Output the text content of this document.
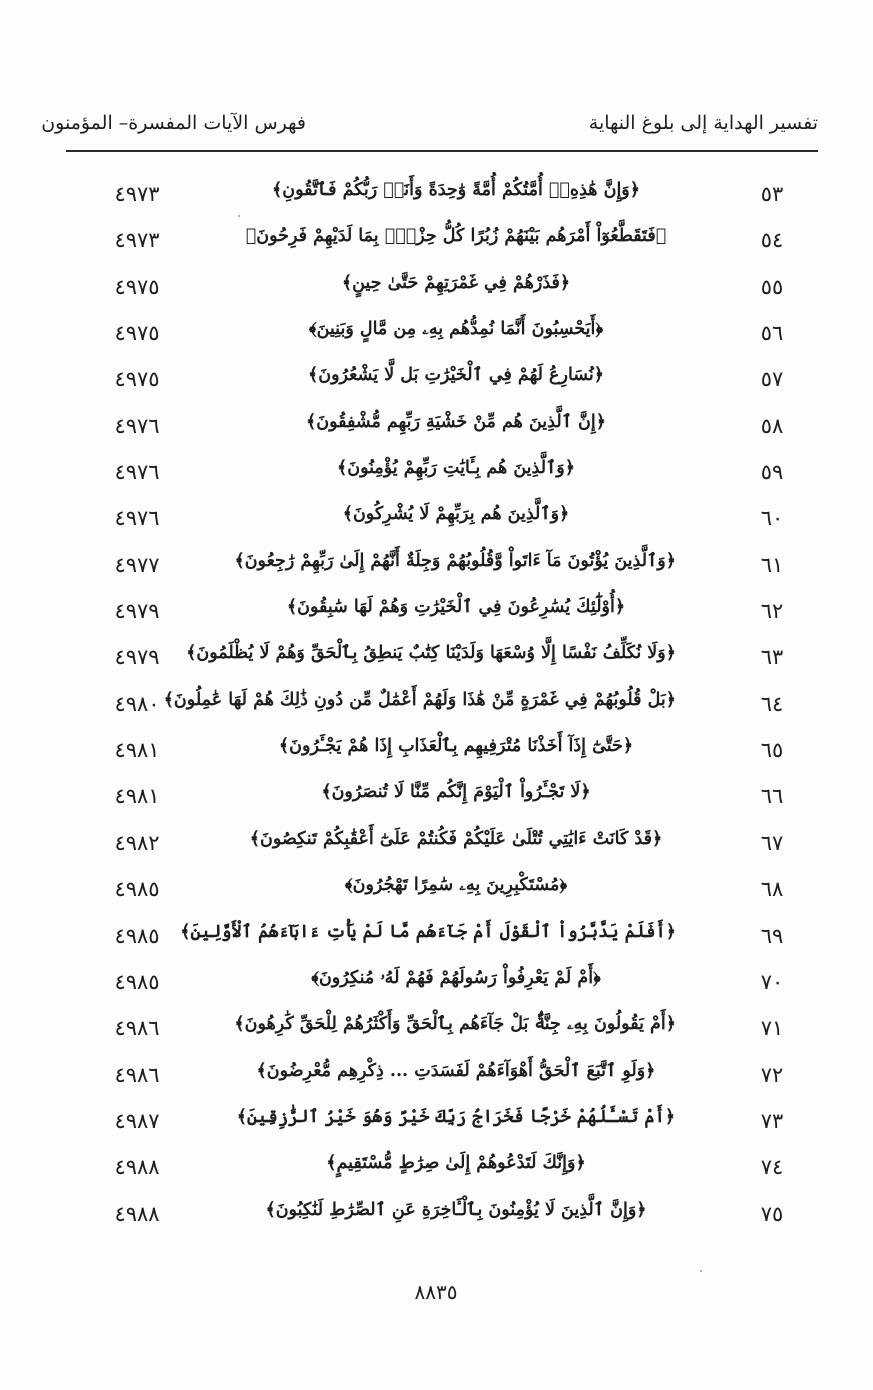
تفسير الهداية إلى بلوغ النهاية
فهرس الآيات المفسرة– المؤمنون
٥٣
﴿وَإِنَّ هَٰذِهِۦٓ أُمَّتُكُمْ أُمَّةً وَٰحِدَةً وَأَنَا۠ رَبُّكُمْ فَٱتَّقُونِ﴾
٤٩٧٣
٥٤
﴿فَتَقَطَّعُوٓاْ أَمْرَهُم بَيْنَهُمْ زُبُرًا كُلُّ حِزْبِۭ بِمَا لَدَيْهِمْ فَرِحُونَ﴾
٤٩٧٣
٥٥
﴿فَذَرْهُمْ فِي غَمْرَتِهِمْ حَتَّىٰ حِينٍ﴾
٤٩٧٥
٥٦
﴿أَيَحْسِبُونَ أَنَّمَا نُمِدُّهُم بِهِۦ مِن مَّالٍ وَبَنِينَ﴾
٤٩٧٥
٥٧
﴿نُسَارِعُ لَهُمْ فِي ٱلْخَيْرَٰتِ بَل لَّا يَشْعُرُونَ﴾
٤٩٧٥
٥٨
﴿إِنَّ ٱلَّذِينَ هُم مِّنْ خَشْيَةِ رَبِّهِم مُّشْفِقُونَ﴾
٤٩٧٦
٥٩
﴿وَٱلَّذِينَ هُم بِـَٔايَٰتِ رَبِّهِمْ يُؤْمِنُونَ﴾
٤٩٧٦
٦٠
﴿وَٱلَّذِينَ هُم بِرَبِّهِمْ لَا يُشْرِكُونَ﴾
٤٩٧٦
٦١
﴿وَٱلَّذِينَ يُؤْتُونَ مَآ ءَاتَواْ وَّقُلُوبُهُمْ وَجِلَةٌ أَنَّهُمْ إِلَىٰ رَبِّهِمْ رَٰجِعُونَ﴾
٤٩٧٧
٦٢
﴿أُوْلَٰٓئِكَ يُسَٰرِعُونَ فِي ٱلْخَيْرَٰتِ وَهُمْ لَهَا سَٰبِقُونَ﴾
٤٩٧٩
٦٣
﴿وَلَا نُكَلِّفُ نَفْسًا إِلَّا وُسْعَهَا وَلَدَيْنَا كِتَٰبٌ يَنطِقُ بِٱلْحَقِّ وَهُمْ لَا يُظْلَمُونَ﴾
٤٩٧٩
٦٤
﴿بَلْ قُلُوبُهُمْ فِي غَمْرَةٍ مِّنْ هَٰذَا وَلَهُمْ أَعْمَٰلٌ مِّن دُونِ ذَٰلِكَ هُمْ لَهَا عَٰمِلُونَ﴾
٤٩٨٠
٦٥
﴿حَتَّىٰٓ إِذَآ أَخَذْنَا مُتْرَفِيهِم بِٱلْعَذَابِ إِذَا هُمْ يَجْـَٔرُونَ﴾
٤٩٨١
٦٦
﴿لَا تَجْـَٔرُواْ ٱلْيَوْمَ إِنَّكُم مِّنَّا لَا تُنصَرُونَ﴾
٤٩٨١
٦٧
﴿قَدْ كَانَتْ ءَايَٰتِي تُتْلَىٰ عَلَيْكُمْ فَكُنتُمْ عَلَىٰٓ أَعْقَٰبِكُمْ تَنكِصُونَ﴾
٤٩٨٢
٦٨
﴿مُسْتَكْبِرِينَ بِهِۦ سَٰمِرًا تَهْجُرُونَ﴾
٤٩٨٥
٦٩
﴿أَفَلَمْ يَدَّبَّرُواْ ٱلْقَوْلَ أَمْ جَآءَهُم مَّا لَمْ يَأْتِ ءَابَآءَهُمُ ٱلْأَوَّلِينَ﴾
٤٩٨٥
٧٠
﴿أَمْ لَمْ يَعْرِفُواْ رَسُولَهُمْ فَهُمْ لَهُۥ مُنكِرُونَ﴾
٤٩٨٥
٧١
﴿أَمْ يَقُولُونَ بِهِۦ جِنَّةٌۢ بَلْ جَآءَهُم بِٱلْحَقِّ وَأَكْثَرُهُمْ لِلْحَقِّ كَٰرِهُونَ﴾
٤٩٨٦
٧٢
﴿وَلَوِ ٱتَّبَعَ ٱلْحَقُّ أَهْوَآءَهُمْ لَفَسَدَتِ ... ذِكْرِهِم مُّعْرِضُونَ﴾
٤٩٨٦
٧٣
﴿أَمْ تَسْـَٔلُهُمْ خَرْجًا فَخَرَاجُ رَبِّكَ خَيْرٌ وَهُوَ خَيْرُ ٱلرَّٰزِقِينَ﴾
٤٩٨٧
٧٤
﴿وَإِنَّكَ لَتَدْعُوهُمْ إِلَىٰ صِرَٰطٍ مُّسْتَقِيمٍ﴾
٤٩٨٨
٧٥
﴿وَإِنَّ ٱلَّذِينَ لَا يُؤْمِنُونَ بِٱلْـَٔاخِرَةِ عَنِ ٱلصِّرَٰطِ لَنَٰكِبُونَ﴾
٤٩٨٨
٨٨٣٥
